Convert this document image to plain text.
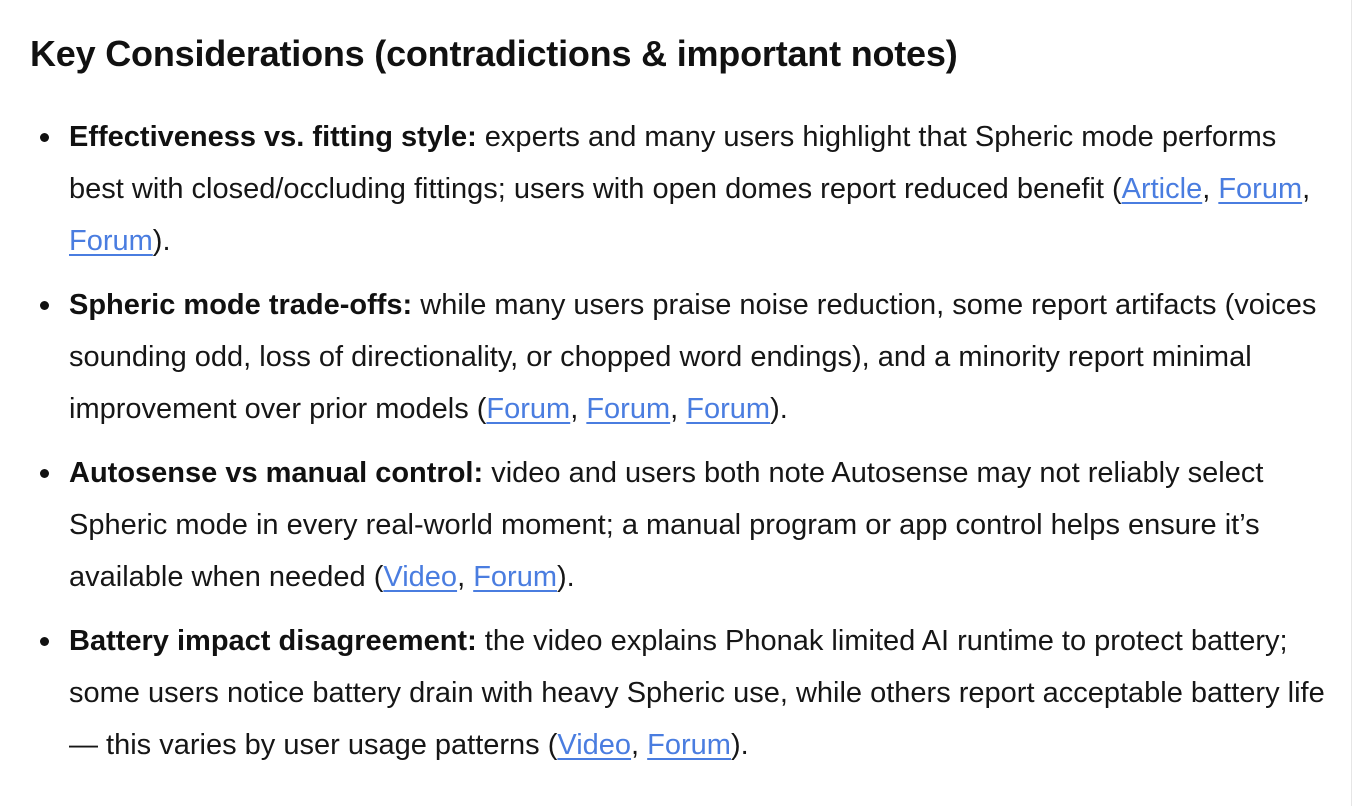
Key Considerations (contradictions & important notes)
Effectiveness vs. fitting style: experts and many users highlight that Spheric mode performs best with closed/occluding fittings; users with open domes report reduced benefit (Article, Forum, Forum).
Spheric mode trade-offs: while many users praise noise reduction, some report artifacts (voices sounding odd, loss of directionality, or chopped word endings), and a minority report minimal improvement over prior models (Forum, Forum, Forum).
Autosense vs manual control: video and users both note Autosense may not reliably select Spheric mode in every real-world moment; a manual program or app control helps ensure it’s available when needed (Video, Forum).
Battery impact disagreement: the video explains Phonak limited AI runtime to protect battery; some users notice battery drain with heavy Spheric use, while others report acceptable battery life — this varies by user usage patterns (Video, Forum).
